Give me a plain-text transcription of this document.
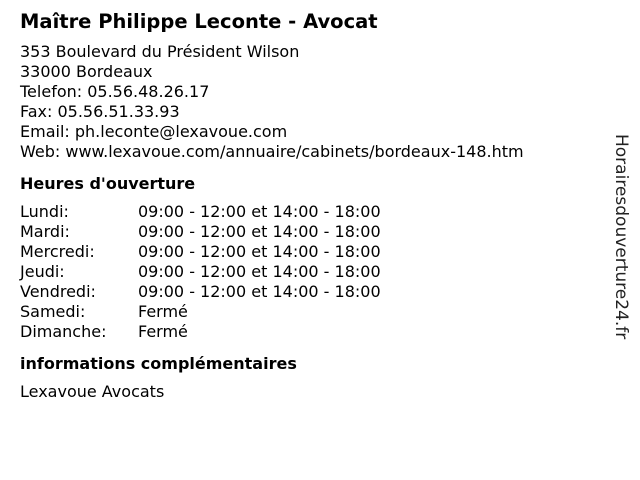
Maître Philippe Leconte - Avocat
353 Boulevard du Président Wilson
33000 Bordeaux
Telefon: 05.56.48.26.17
Fax: 05.56.51.33.93
Email: ph.leconte@lexavoue.com
Web: www.lexavoue.com/annuaire/cabinets/bordeaux-148.htm
Heures d'ouverture
Lundi:	09:00 - 12:00 et 14:00 - 18:00
Mardi:	09:00 - 12:00 et 14:00 - 18:00
Mercredi:	09:00 - 12:00 et 14:00 - 18:00
Jeudi:	09:00 - 12:00 et 14:00 - 18:00
Vendredi:	09:00 - 12:00 et 14:00 - 18:00
Samedi:	Fermé
Dimanche:	Fermé
informations complémentaires
Lexavoue Avocats
Horairesdouverture24.fr
